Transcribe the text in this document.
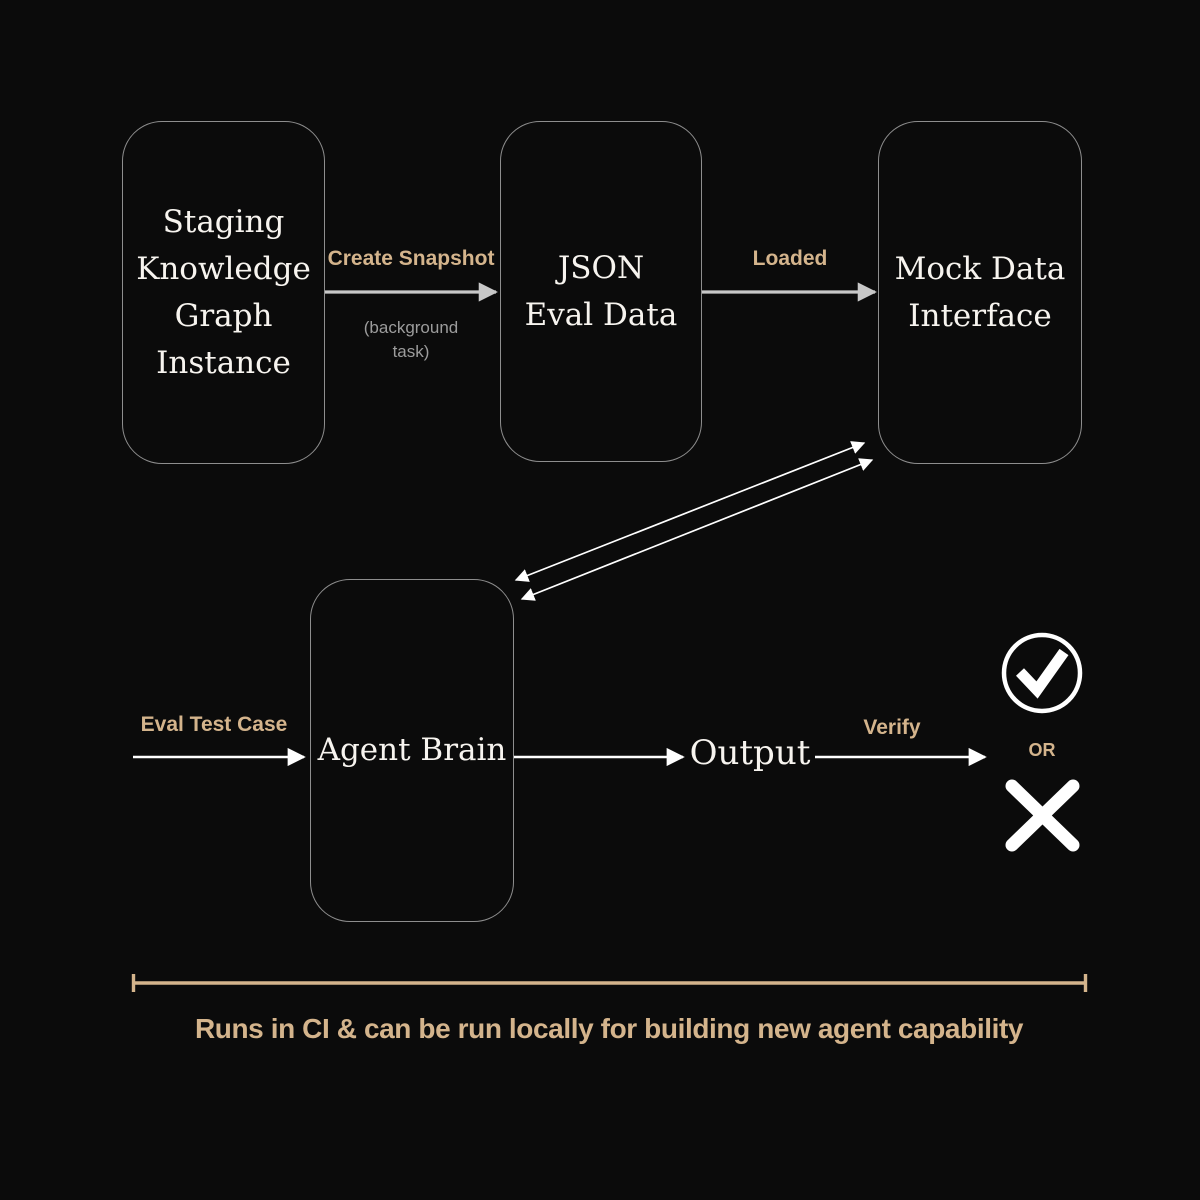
Staging
Knowledge
Graph
Instance
JSON
Eval Data
Mock Data
Interface
Agent Brain
Create Snapshot
(background
task)
Loaded
Eval Test Case
Output
Verify
OR
Runs in CI & can be run locally for building new agent capability
